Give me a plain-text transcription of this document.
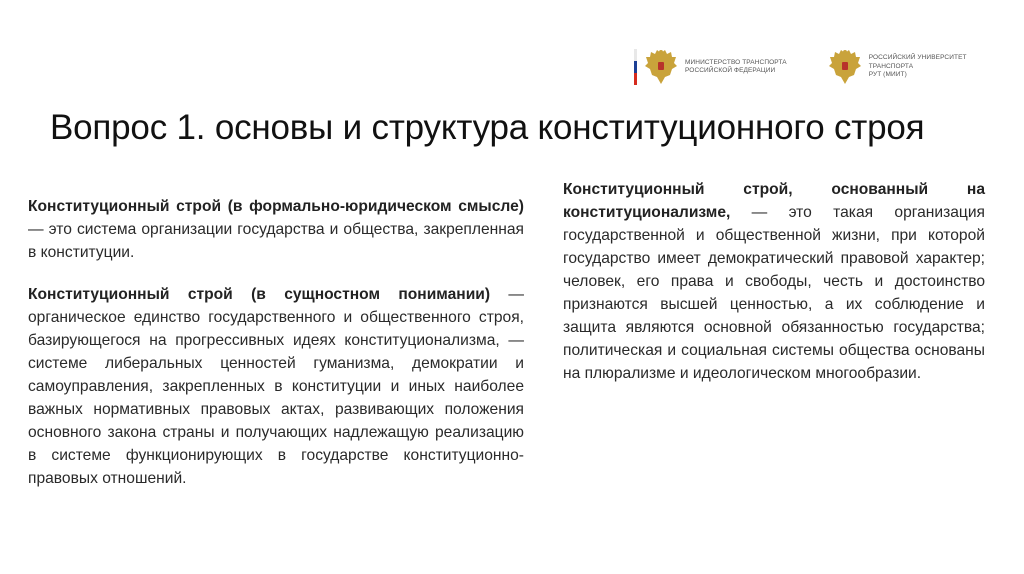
МИНИСТЕРСТВО ТРАНСПОРТА
РОССИЙСКОЙ ФЕДЕРАЦИИ
РОССИЙСКИЙ УНИВЕРСИТЕТ
ТРАНСПОРТА
РУТ (МИИТ)
Вопрос 1. основы и структура конституционного строя

Конституционный строй (в формально-юридическом смысле) — это система организации государства и общества, закрепленная в конституции.

Конституционный строй (в сущностном понимании) — органическое единство государственного и общественного строя, базирующегося на прогрессивных идеях конституционализма, — системе либеральных ценностей гуманизма, демократии и самоуправления, закрепленных в конституции и иных наиболее важных нормативных правовых актах, развивающих положения основного закона страны и получающих надлежащую реализацию в системе функционирующих в государстве конституционно-правовых отношений.

Конституционный строй, основанный на конституционализме, — это такая организация государственной и общественной жизни, при которой государство имеет демократический правовой характер; человек, его права и свободы, честь и достоинство признаются высшей ценностью, а их соблюдение и защита являются основной обязанностью государства; политическая и социальная системы общества основаны на плюрализме и идеологическом многообразии.
